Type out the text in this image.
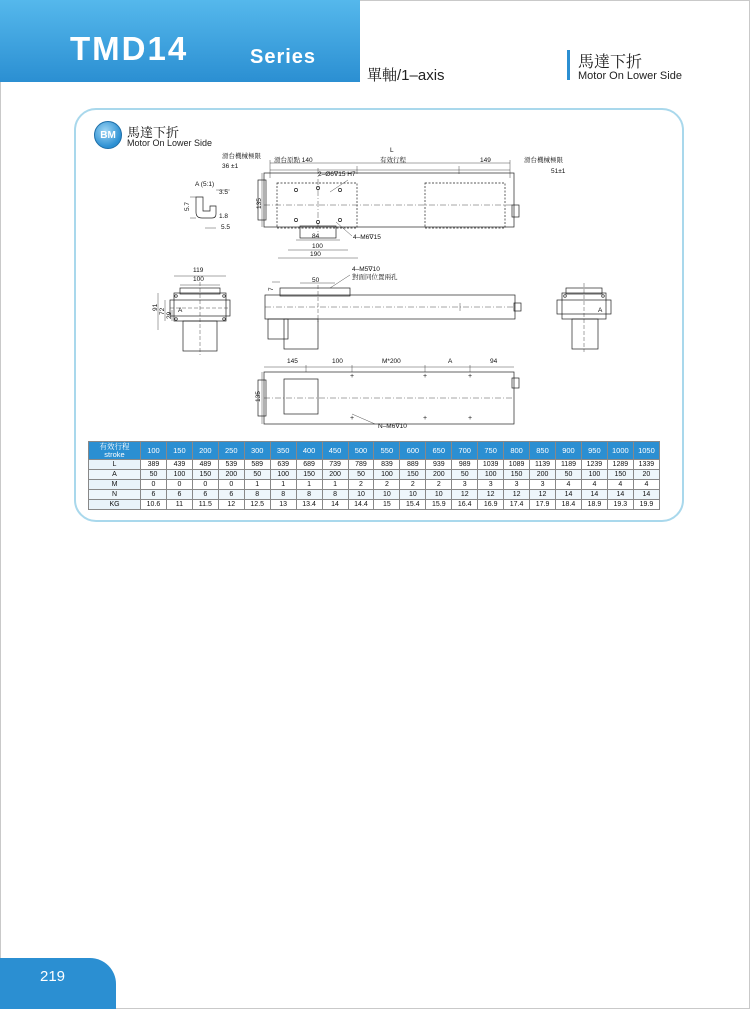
TMD14	Series
單軸/1–axis
馬達下折
Motor On Lower Side
BM 馬達下折
Motor On Lower Side
+	+	+
+	+	+
滑台機械極限
滑台機械極限
滑台原點 140	有效行程
L
149
36 ±1
51±1
2–Ø6∇15 H7
4–M6∇15
84
100
190
135
A (5:1)
3.5
5.7
1.8
5.5
119
100
91
72
29
A	A
7
50
4–M5∇10
對面同位置兩孔
145	100	M*200	A	94
135
N–M6∇10
有效行程
stroke	100	150	200	250	300	350	400	450	500	550	600	650	700	750	800	850	900	950	1000	1050
L	389	439	489	539	589	639	689	739	789	839	889	939	989	1039	1089	1139	1189	1239	1289	1339
A	50	100	150	200	50	100	150	200	50	100	150	200	50	100	150	200	50	100	150	20
M	0	0	0	0	1	1	1	1	2	2	2	2	3	3	3	3	4	4	4	4
N	6	6	6	6	8	8	8	8	10	10	10	10	12	12	12	12	14	14	14	14
KG	10.6	11	11.5	12	12.5	13	13.4	14	14.4	15	15.4	15.9	16.4	16.9	17.4	17.9	18.4	18.9	19.3	19.9
219
